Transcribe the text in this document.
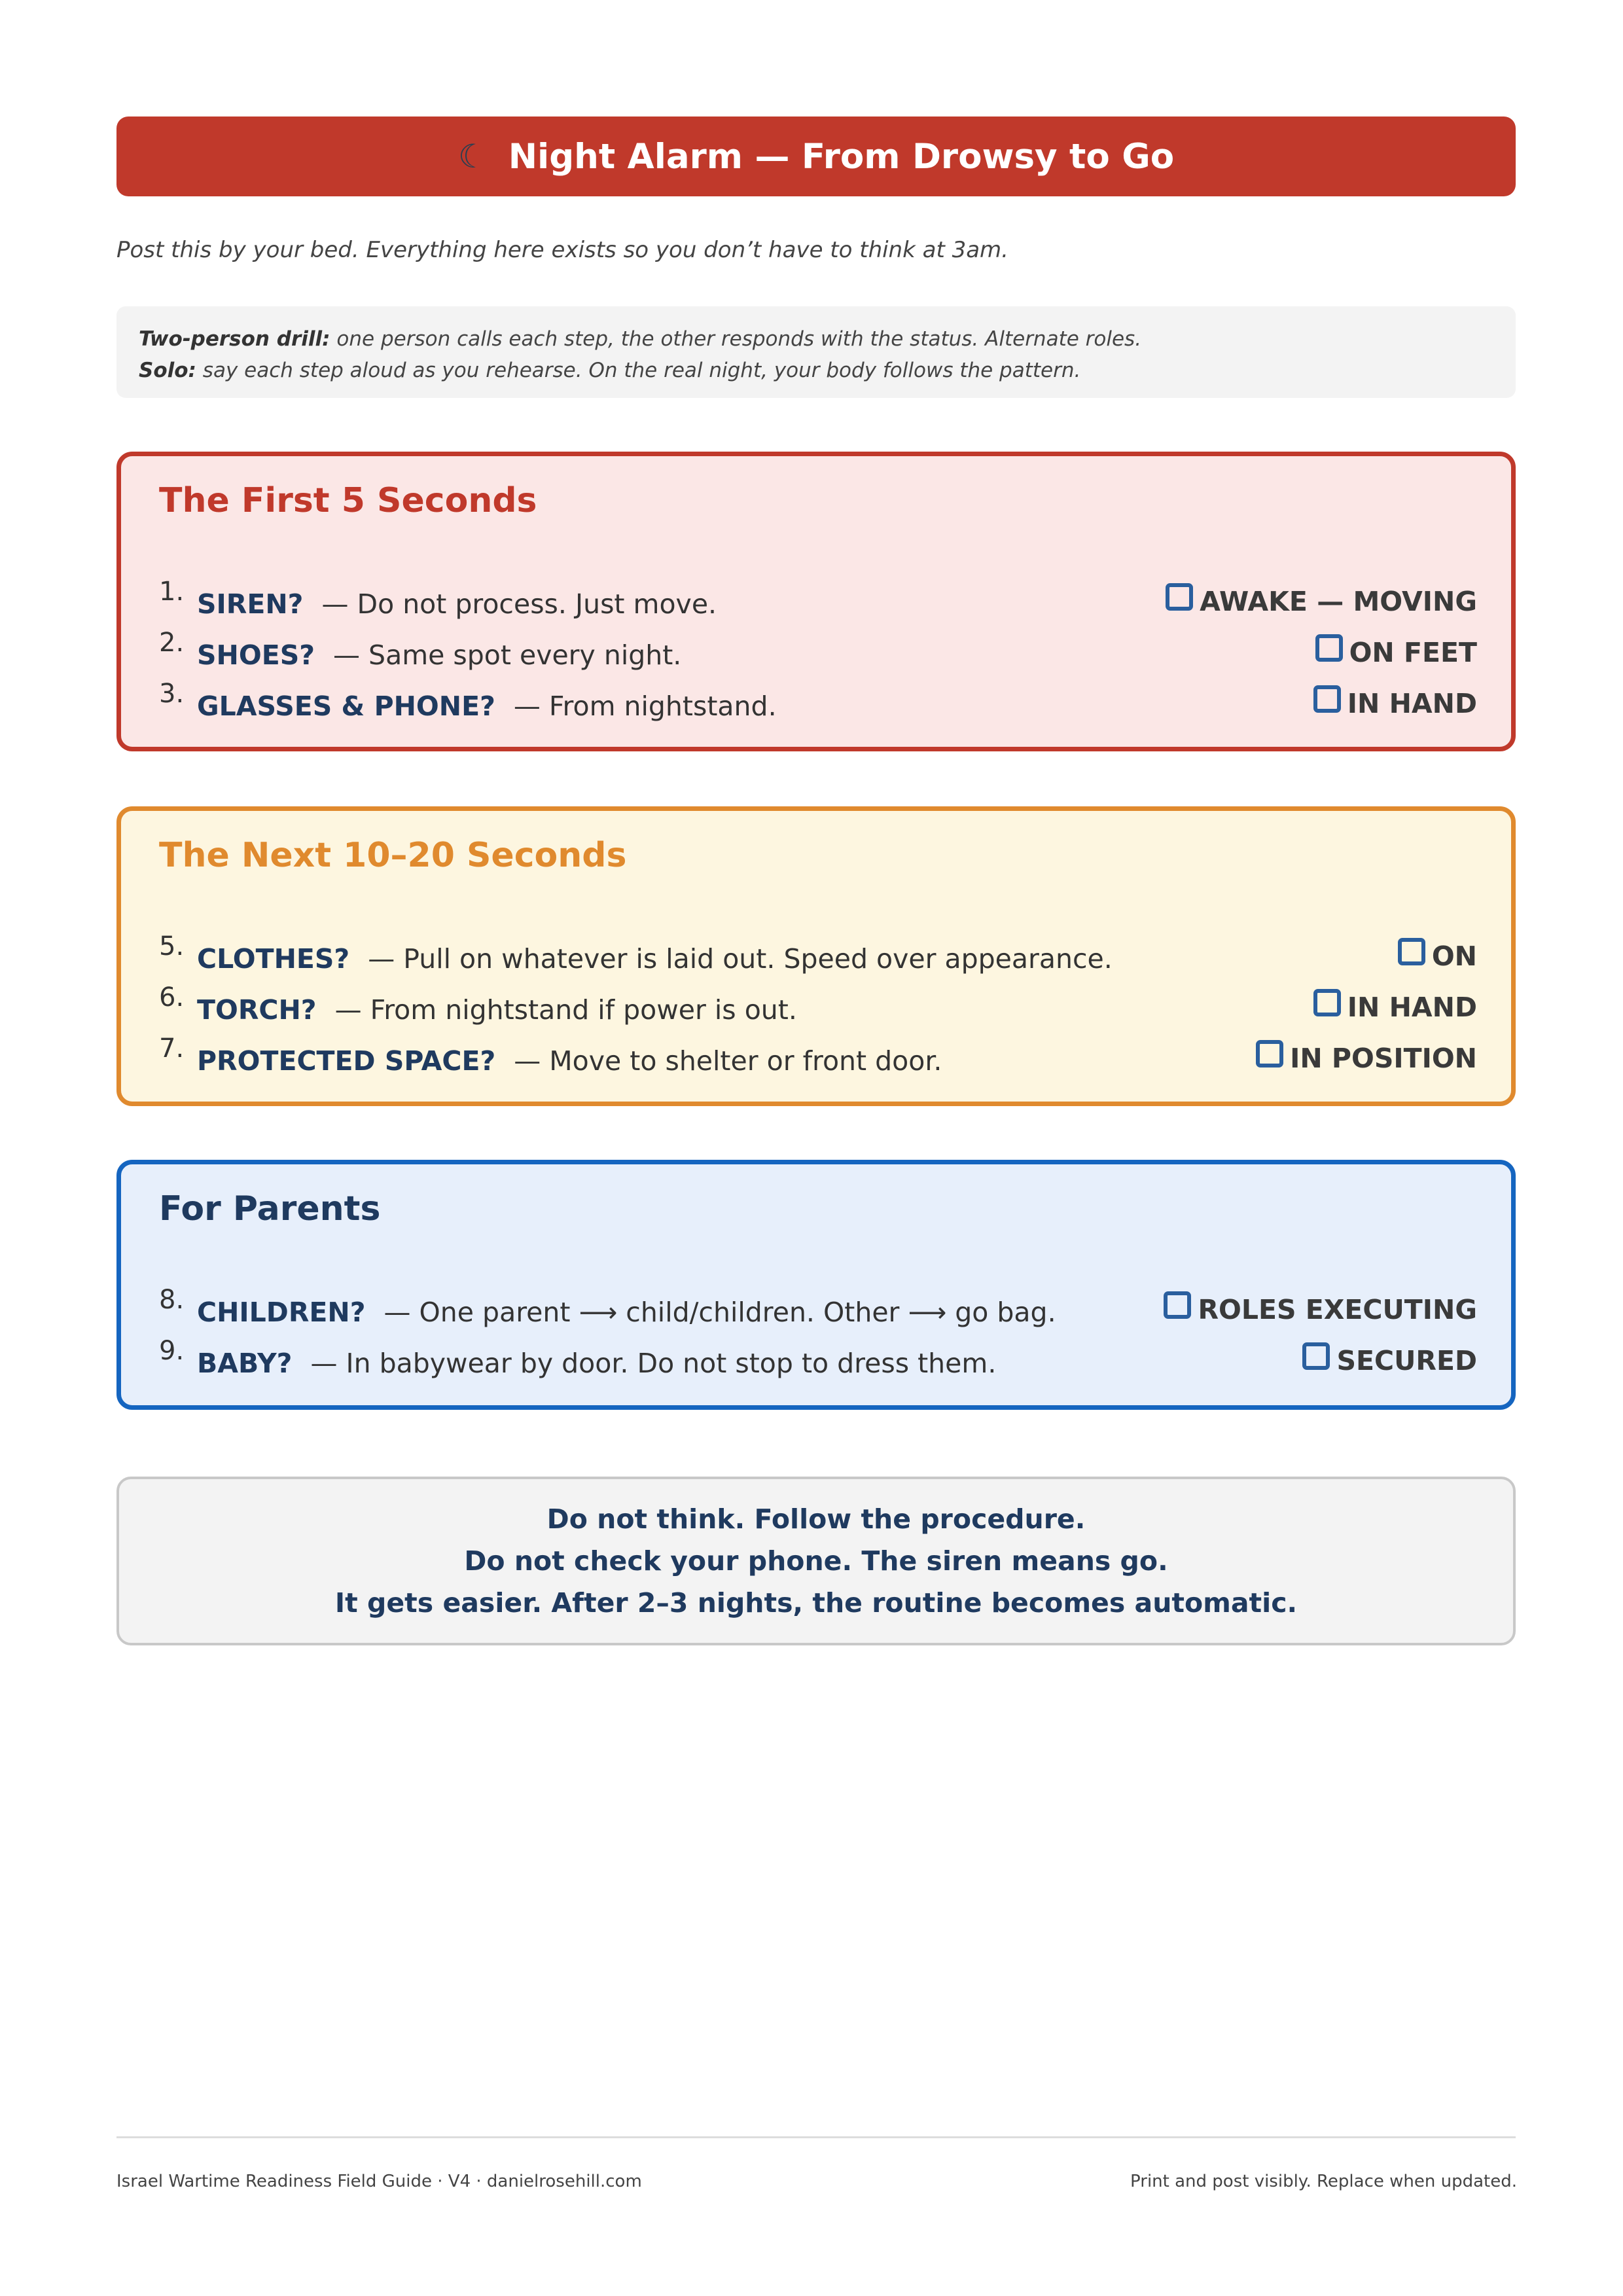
☾ Night Alarm — From Drowsy to Go
Post this by your bed. Everything here exists so you don’t have to think at 3am.
Two-person drill: one person calls each step, the other responds with the status. Alternate roles.
Solo: say each step aloud as you rehearse. On the real night, your body follows the pattern.
The First 5 Seconds
1. SIREN? — Do not process. Just move.	AWAKE — MOVING
2. SHOES? — Same spot every night.	ON FEET
3. GLASSES & PHONE? — From nightstand.	IN HAND
The Next 10–20 Seconds
5. CLOTHES? — Pull on whatever is laid out. Speed over appearance.	ON
6. TORCH? — From nightstand if power is out.	IN HAND
7. PROTECTED SPACE? — Move to shelter or front door.	IN POSITION
For Parents
8. CHILDREN? — One parent ⟶ child/children. Other ⟶ go bag.	ROLES EXECUTING
9. BABY? — In babywear by door. Do not stop to dress them.	SECURED
Do not think. Follow the procedure.
Do not check your phone. The siren means go.
It gets easier. After 2–3 nights, the routine becomes automatic.
Israel Wartime Readiness Field Guide · V4 · danielrosehill.com	Print and post visibly. Replace when updated.
